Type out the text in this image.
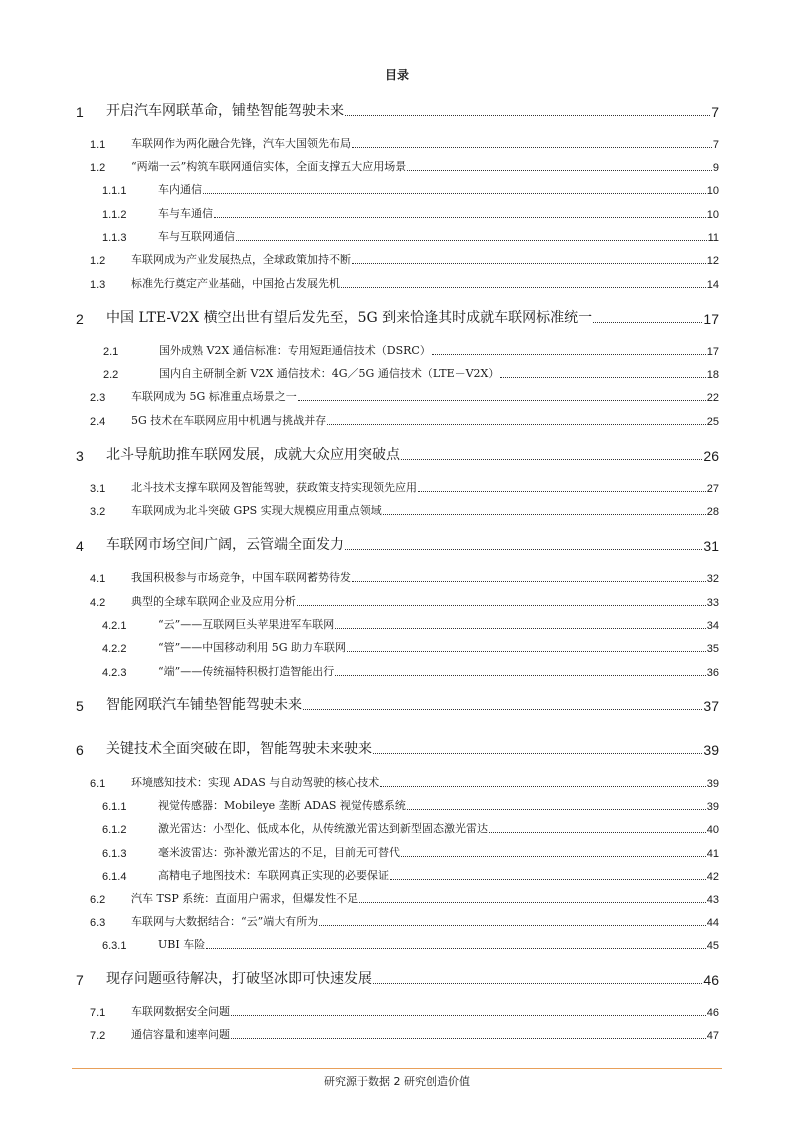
目录
1	开启汽车网联革命，铺垫智能驾驶未来	7
1.1	车联网作为两化融合先锋，汽车大国领先布局	7
1.2	“两端一云”构筑车联网通信实体，全面支撑五大应用场景	9
1.1.1	车内通信	10
1.1.2	车与车通信	10
1.1.3	车与互联网通信	11
1.2	车联网成为产业发展热点，全球政策加持不断	12
1.3	标准先行奠定产业基础，中国抢占发展先机	14
2	中国 LTE-V2X 横空出世有望后发先至，5G 到来恰逢其时成就车联网标准统一	17
2.1	国外成熟 V2X 通信标准：专用短距通信技术（DSRC）	17
2.2	国内自主研制全新 V2X 通信技术：4G／5G 通信技术（LTE－V2X）	18
2.3	车联网成为 5G 标准重点场景之一	22
2.4	5G 技术在车联网应用中机遇与挑战并存	25
3	北斗导航助推车联网发展，成就大众应用突破点	26
3.1	北斗技术支撑车联网及智能驾驶，获政策支持实现领先应用	27
3.2	车联网成为北斗突破 GPS 实现大规模应用重点领域	28
4	车联网市场空间广阔，云管端全面发力	31
4.1	我国积极参与市场竞争，中国车联网蓄势待发	32
4.2	典型的全球车联网企业及应用分析	33
4.2.1	“云”——互联网巨头苹果进军车联网	34
4.2.2	“管”——中国移动利用 5G 助力车联网	35
4.2.3	“端”——传统福特积极打造智能出行	36
5	智能网联汽车铺垫智能驾驶未来	37
6	关键技术全面突破在即，智能驾驶未来驶来	39
6.1	环境感知技术：实现 ADAS 与自动驾驶的核心技术	39
6.1.1	视觉传感器：Mobileye 垄断 ADAS 视觉传感系统	39
6.1.2	激光雷达：小型化、低成本化，从传统激光雷达到新型固态激光雷达	40
6.1.3	毫米波雷达：弥补激光雷达的不足，目前无可替代	41
6.1.4	高精电子地图技术：车联网真正实现的必要保证	42
6.2	汽车 TSP 系统：直面用户需求，但爆发性不足	43
6.3	车联网与大数据结合：“云”端大有所为	44
6.3.1	UBI 车险	45
7	现存问题亟待解决，打破坚冰即可快速发展	46
7.1	车联网数据安全问题	46
7.2	通信容量和速率问题	47
研究源于数据 2 研究创造价值
